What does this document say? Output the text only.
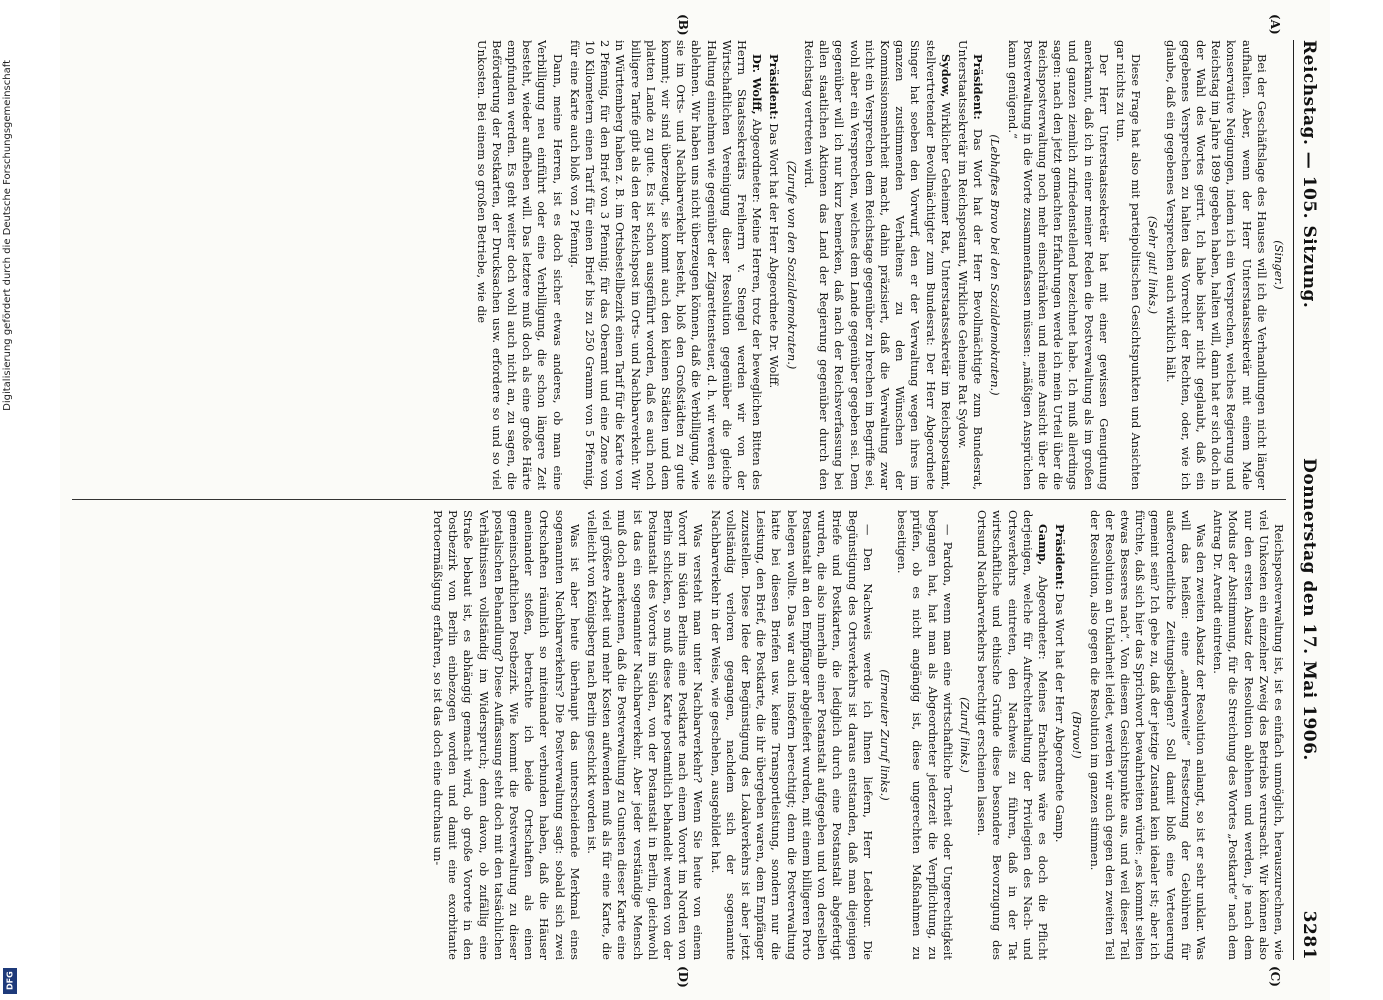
Reichstag. — 105. Sitzung.
Donnerstag den 17. Mai 1906.
3281
(A)
(B)
(C)
(D)

(Singer.)

Bei der Geschäftslage des Hauses will ich die Verhandlungen nicht länger aufhalten. Aber, wenn der Herr Unterstaatssekretär mit einem Male konservative Neigungen, indem ich ein Versprechen, welches Regierung und Reichstag im Jahre 1899 gegeben haben, halten will, dann hat er sich doch in der Wahl des Wortes geirrt. Ich habe bisher nicht geglaubt, daß ein gegebenes Versprechen zu halten das Vorrecht der Rechten, oder, wie ich glaube, daß ein gegebenes Versprechen auch wirklich hält.

(Sehr gut! links.)

Diese Frage hat also mit parteipolitischen Gesichtspunkten und Ansichten gar nichts zu tun.

Der Herr Unterstaatssekretär hat mit einer gewissen Genugtuung anerkannt, daß ich in einer meiner Reden die Postverwaltung als im großen und ganzen ziemlich zufriedenstellend bezeichnet habe. Ich muß allerdings sagen: nach den jetzt gemachten Erfahrungen werde ich mein Urteil über die Reichspostverwaltung noch mehr einschränken und meine Ansicht über die Postverwaltung in die Worte zusammenfassen müssen: „mäßigen Ansprüchen kann genügend.“

(Lebhaftes Bravo bei den Sozialdemokraten.)

Präsident: Das Wort hat der Herr Bevollmächtigte zum Bundesrat, Unterstaatssekretär im Reichspostamt, Wirkliche Geheime Rat Sydow.

Sydow, Wirklicher Geheimer Rat, Unterstaatssekretär im Reichspostamt, stellvertretender Bevollmächtigter zum Bundesrat: Der Herr Abgeordnete Singer hat soeben den Vorwurf, den er der Verwaltung wegen ihres im ganzen zustimmenden Verhaltens zu den Wünschen der Kommissionsmehrheit macht, dahin präzisiert, daß die Verwaltung zwar nicht ein Versprechen dem Reichstage gegenüber zu brechen im Begriffe sei, wohl aber ein Versprechen, welches dem Lande gegenüber gegeben sei. Dem gegenüber will ich nur kurz bemerken, daß nach der Reichsverfassung bei allen staatlichen Aktionen das Land der Regierung gegenüber durch den Reichstag vertreten wird.

(Zurufe von den Sozialdemokraten.)

Präsident: Das Wort hat der Herr Abgeordnete Dr. Wolff.

Dr. Wolff, Abgeordneter: Meine Herren, trotz der beweglichen Bitten des Herrn Staatssekretärs Freiherrn v. Stengel werden wir von der Wirtschaftlichen Vereinigung dieser Resolution gegenüber die gleiche Haltung einnehmen wie gegenüber der Zigarettensteuer, d. h. wir werden sie ablehnen. Wir haben uns nicht überzeugen können, daß die Verbilligung, wie sie im Orts- und Nachbarverkehr besteht, bloß den Großstädten zu gute kommt; wir sind überzeugt, sie kommt auch den kleinen Städten und dem platten Lande zu gute. Es ist schon ausgeführt worden, daß es auch noch billigere Tarife gibt als den der Reichspost im Orts- und Nachbarverkehr. Wir in Württemberg haben z. B. im Ortsbestellbezirk einen Tarif für die Karte von 2 Pfennig, für den Brief von 3 Pfennig; für das Oberamt und eine Zone von 10 Kilometern einen Tarif für einen Brief bis zu 250 Gramm von 5 Pfennig, für eine Karte auch bloß von 2 Pfennig.

Dann, meine Herren, ist es doch sicher etwas anderes, ob man eine Verbilligung neu einführt oder eine Verbilligung, die schon längere Zeit besteht, wieder aufheben will. Das letztere muß doch als eine große Härte empfunden werden. Es geht weiter doch wohl auch nicht an, zu sagen, die Beförderung der Postkarten, der Drucksachen usw. erfordere so und so viel Unkosten. Bei einem so großen Betriebe, wie die

Reichspostverwaltung ist, ist es einfach unmöglich, herauszurechnen, wie viel Unkosten ein einzelner Zweig des Betriebs verursacht. Wir können also nur den ersten Absatz der Resolution ablehnen und werden, je nach dem Modus der Abstimmung, für die Streichung des Wortes „Postkarte“ nach dem Antrag Dr. Arendt eintreten.

Was den zweiten Absatz der Resolution anlangt, so ist er sehr unklar. Was will das heißen: eine „anderweite“ Festsetzung der Gebühren für außerordentliche Zeitungsbeilagen? Soll damit bloß eine Verteuerung gemeint sein? Ich gebe zu, daß der jetzige Zustand kein idealer ist; aber ich fürchte, daß sich hier das Sprichwort bewahrheiten würde: „es kommt selten etwas Besseres nach“. Von diesem Gesichtspunkte aus, und weil dieser Teil der Resolution an Unklarheit leidet, werden wir auch gegen den zweiten Teil der Resolution, also gegen die Resolution im ganzen stimmen.

(Bravo!)

Präsident: Das Wort hat der Herr Abgeordnete Gamp.

Gamp, Abgeordneter: Meines Erachtens wäre es doch die Pflicht derjenigen, welche für Aufrechterhaltung der Privilegien des Nach- und Ortsverkehrs eintreten, den Nachweis zu führen, daß in der Tat wirtschaftliche und ethische Gründe diese besondere Bevorzugung des Ortsund Nachbarverkehrs berechtigt erscheinen lassen.

(Zuruf links.)

— Pardon, wenn man eine wirtschaftliche Torheit oder Ungerechtigkeit begangen hat, hat man als Abgeordneter jederzeit die Verpflichtung, zu prüfen, ob es nicht angängig ist, diese ungerechten Maßnahmen zu beseitigen.

(Erneuter Zuruf links.)

— Den Nachweis werde ich Ihnen liefern, Herr Ledebour. Die Begünstigung des Ortsverkehrs ist daraus entstanden, daß man diejenigen Briefe und Postkarten, die lediglich durch eine Postanstalt abgefertigt wurden, die also innerhalb einer Postanstalt aufgegeben und von derselben Postanstalt an den Empfänger abgeliefert wurden, mit einem billigeren Porto belegen wollte. Das war auch insofern berechtigt; denn die Postverwaltung hatte bei diesen Briefen usw. keine Transportleistung, sondern nur die Leistung, den Brief, die Postkarte, die ihr übergeben waren, dem Empfänger zuzustellen. Diese Idee der Begünstigung des Lokalverkehrs ist aber jetzt vollständig verloren gegangen, nachdem sich der sogenannte Nachbarverkehr in der Weise, wie geschehen, ausgebildet hat.

Was versteht man unter Nachbarverkehr? Wenn Sie heute von einem Vorort im Süden Berlins eine Postkarte nach einem Vorort im Norden von Berlin schicken, so muß diese Karte postamtlich behandelt werden von der Postanstalt des Vororts im Süden, von der Postanstalt in Berlin, gleichwohl ist das ein sogenannter Nachbarverkehr. Aber jeder verständige Mensch muß doch anerkennen, daß die Postverwaltung zu Gunsten dieser Karte eine viel größere Arbeit und mehr Kosten aufwenden muß als für eine Karte, die vielleicht von Königsberg nach Berlin geschickt worden ist.

Was ist aber heute überhaupt das unterscheidende Merkmal eines sogenannten Nachbarverkehrs? Die Postverwaltung sagt: sobald sich zwei Ortschaften räumlich so miteinander verbunden haben, daß die Häuser aneinander stoßen, betrachte ich beide Ortschaften als einen gemeinschaftlichen Postbezirk. Wie kommt die Postverwaltung zu dieser postalischen Behandlung? Diese Auffassung steht doch mit den tatsächlichen Verhältnissen vollständig im Widerspruch; denn davon, ob zufällig eine Straße bebaut ist, es abhängig gemacht wird, ob große Vororte in den Postbezirk von Berlin einbezogen worden und damit eine exorbitante Portoermäßigung erfahren, so ist das doch eine durchaus un-

Digitalisierung gefördert durch die Deutsche Forschungsgemeinschaft
DFG
